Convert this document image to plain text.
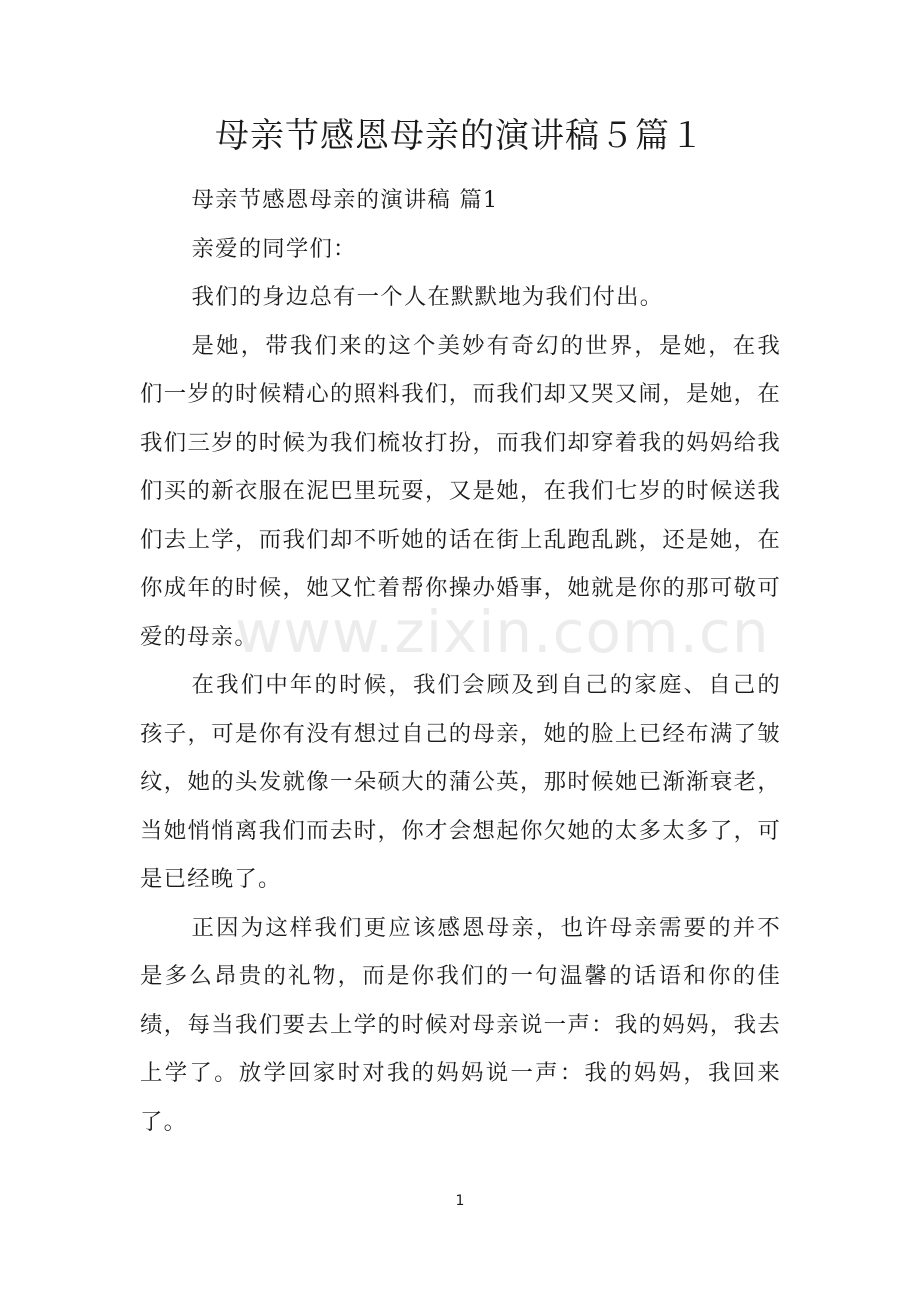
母亲节感恩母亲的演讲稿５篇１

母亲节感恩母亲的演讲稿 篇1

亲爱的同学们：

我们的身边总有一个人在默默地为我们付出。

是她，带我们来的这个美妙有奇幻的世界，是她，在我们一岁的时候精心的照料我们，而我们却又哭又闹，是她，在我们三岁的时候为我们梳妆打扮，而我们却穿着我的妈妈给我们买的新衣服在泥巴里玩耍，又是她，在我们七岁的时候送我们去上学，而我们却不听她的话在街上乱跑乱跳，还是她，在你成年的时候，她又忙着帮你操办婚事，她就是你的那可敬可爱的母亲。

在我们中年的时候，我们会顾及到自己的家庭、自己的孩子，可是你有没有想过自己的母亲，她的脸上已经布满了皱纹，她的头发就像一朵硕大的蒲公英，那时候她已渐渐衰老，当她悄悄离我们而去时，你才会想起你欠她的太多太多了，可是已经晚了。

正因为这样我们更应该感恩母亲，也许母亲需要的并不是多么昂贵的礼物，而是你我们的一句温馨的话语和你的佳绩，每当我们要去上学的时候对母亲说一声：我的妈妈，我去上学了。放学回家时对我的妈妈说一声：我的妈妈，我回来了。

www.zixin.com.cn
1
